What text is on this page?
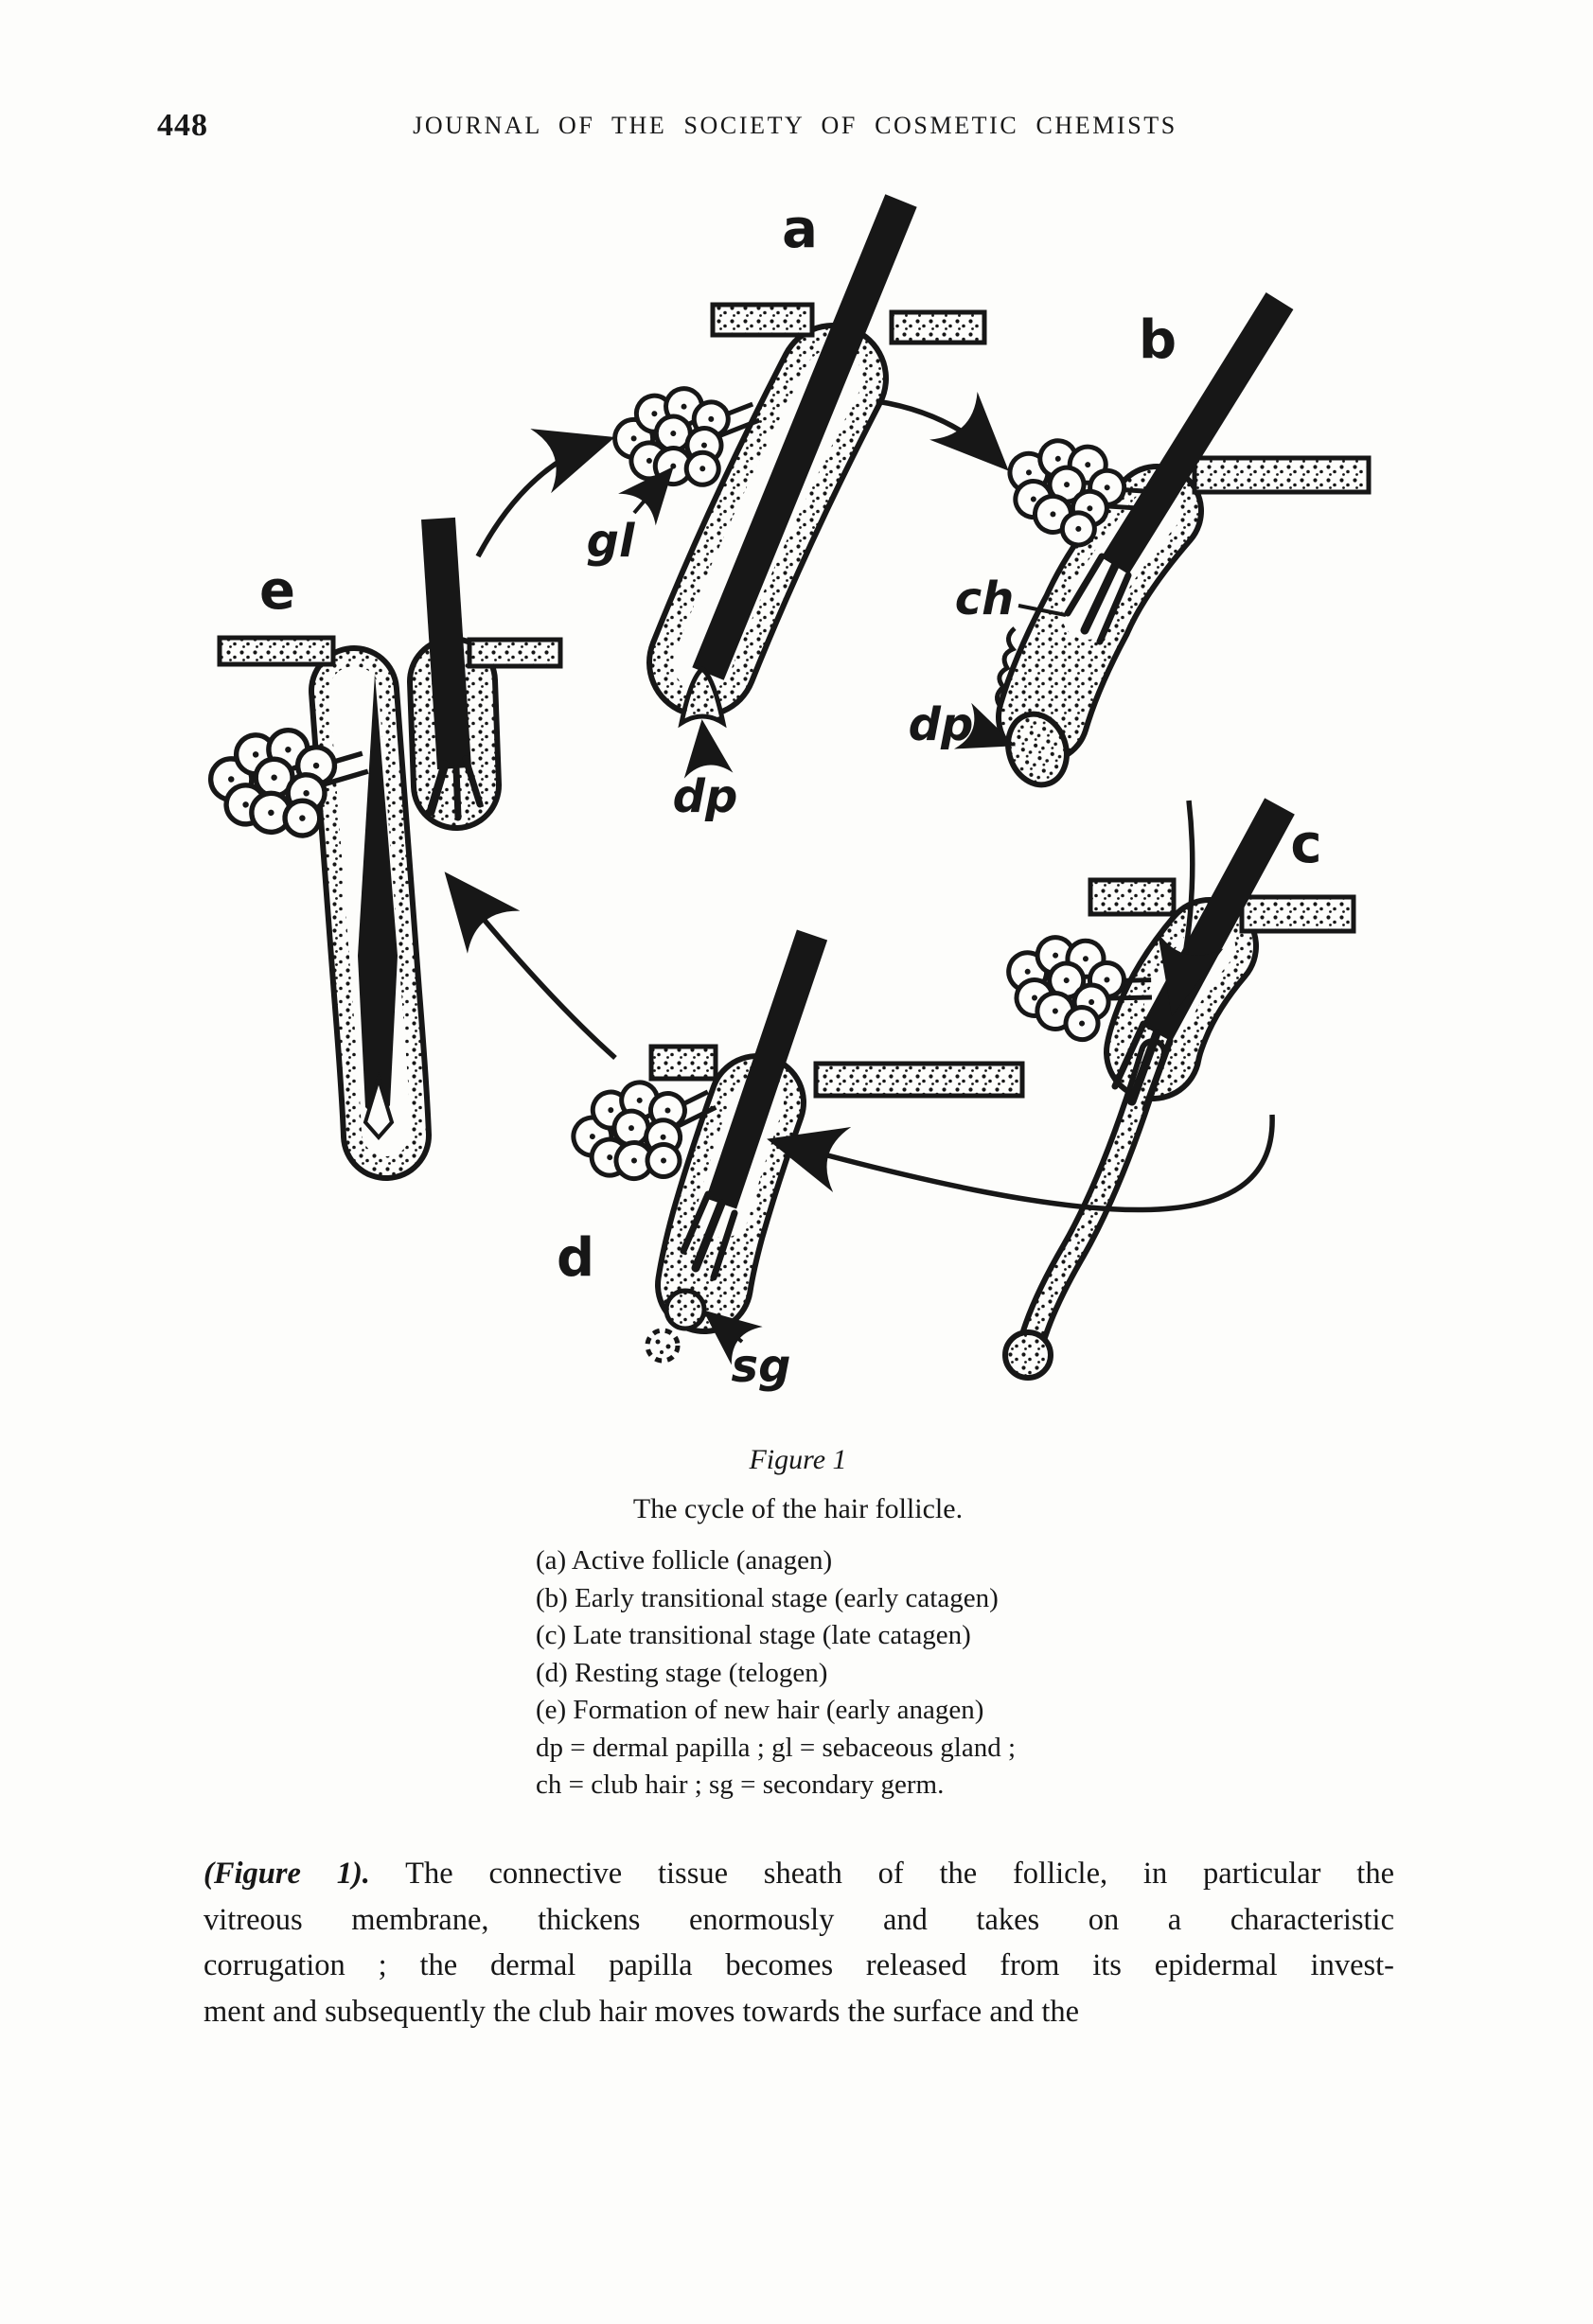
448	JOURNAL OF THE SOCIETY OF COSMETIC CHEMISTS
a
b
c
d
e
gl
dp
ch
dp
sg
Figure 1
The cycle of the hair follicle.
(a) Active follicle (anagen)
(b) Early transitional stage (early catagen)
(c) Late transitional stage (late catagen)
(d) Resting stage (telogen)
(e) Formation of new hair (early anagen)
dp = dermal papilla ; gl = sebaceous gland ;
ch = club hair ; sg = secondary germ.
(Figure 1). The connective tissue sheath of the follicle, in particular the
vitreous membrane, thickens enormously and takes on a characteristic
corrugation ; the dermal papilla becomes released from its epidermal invest-
ment and subsequently the club hair moves towards the surface and the
